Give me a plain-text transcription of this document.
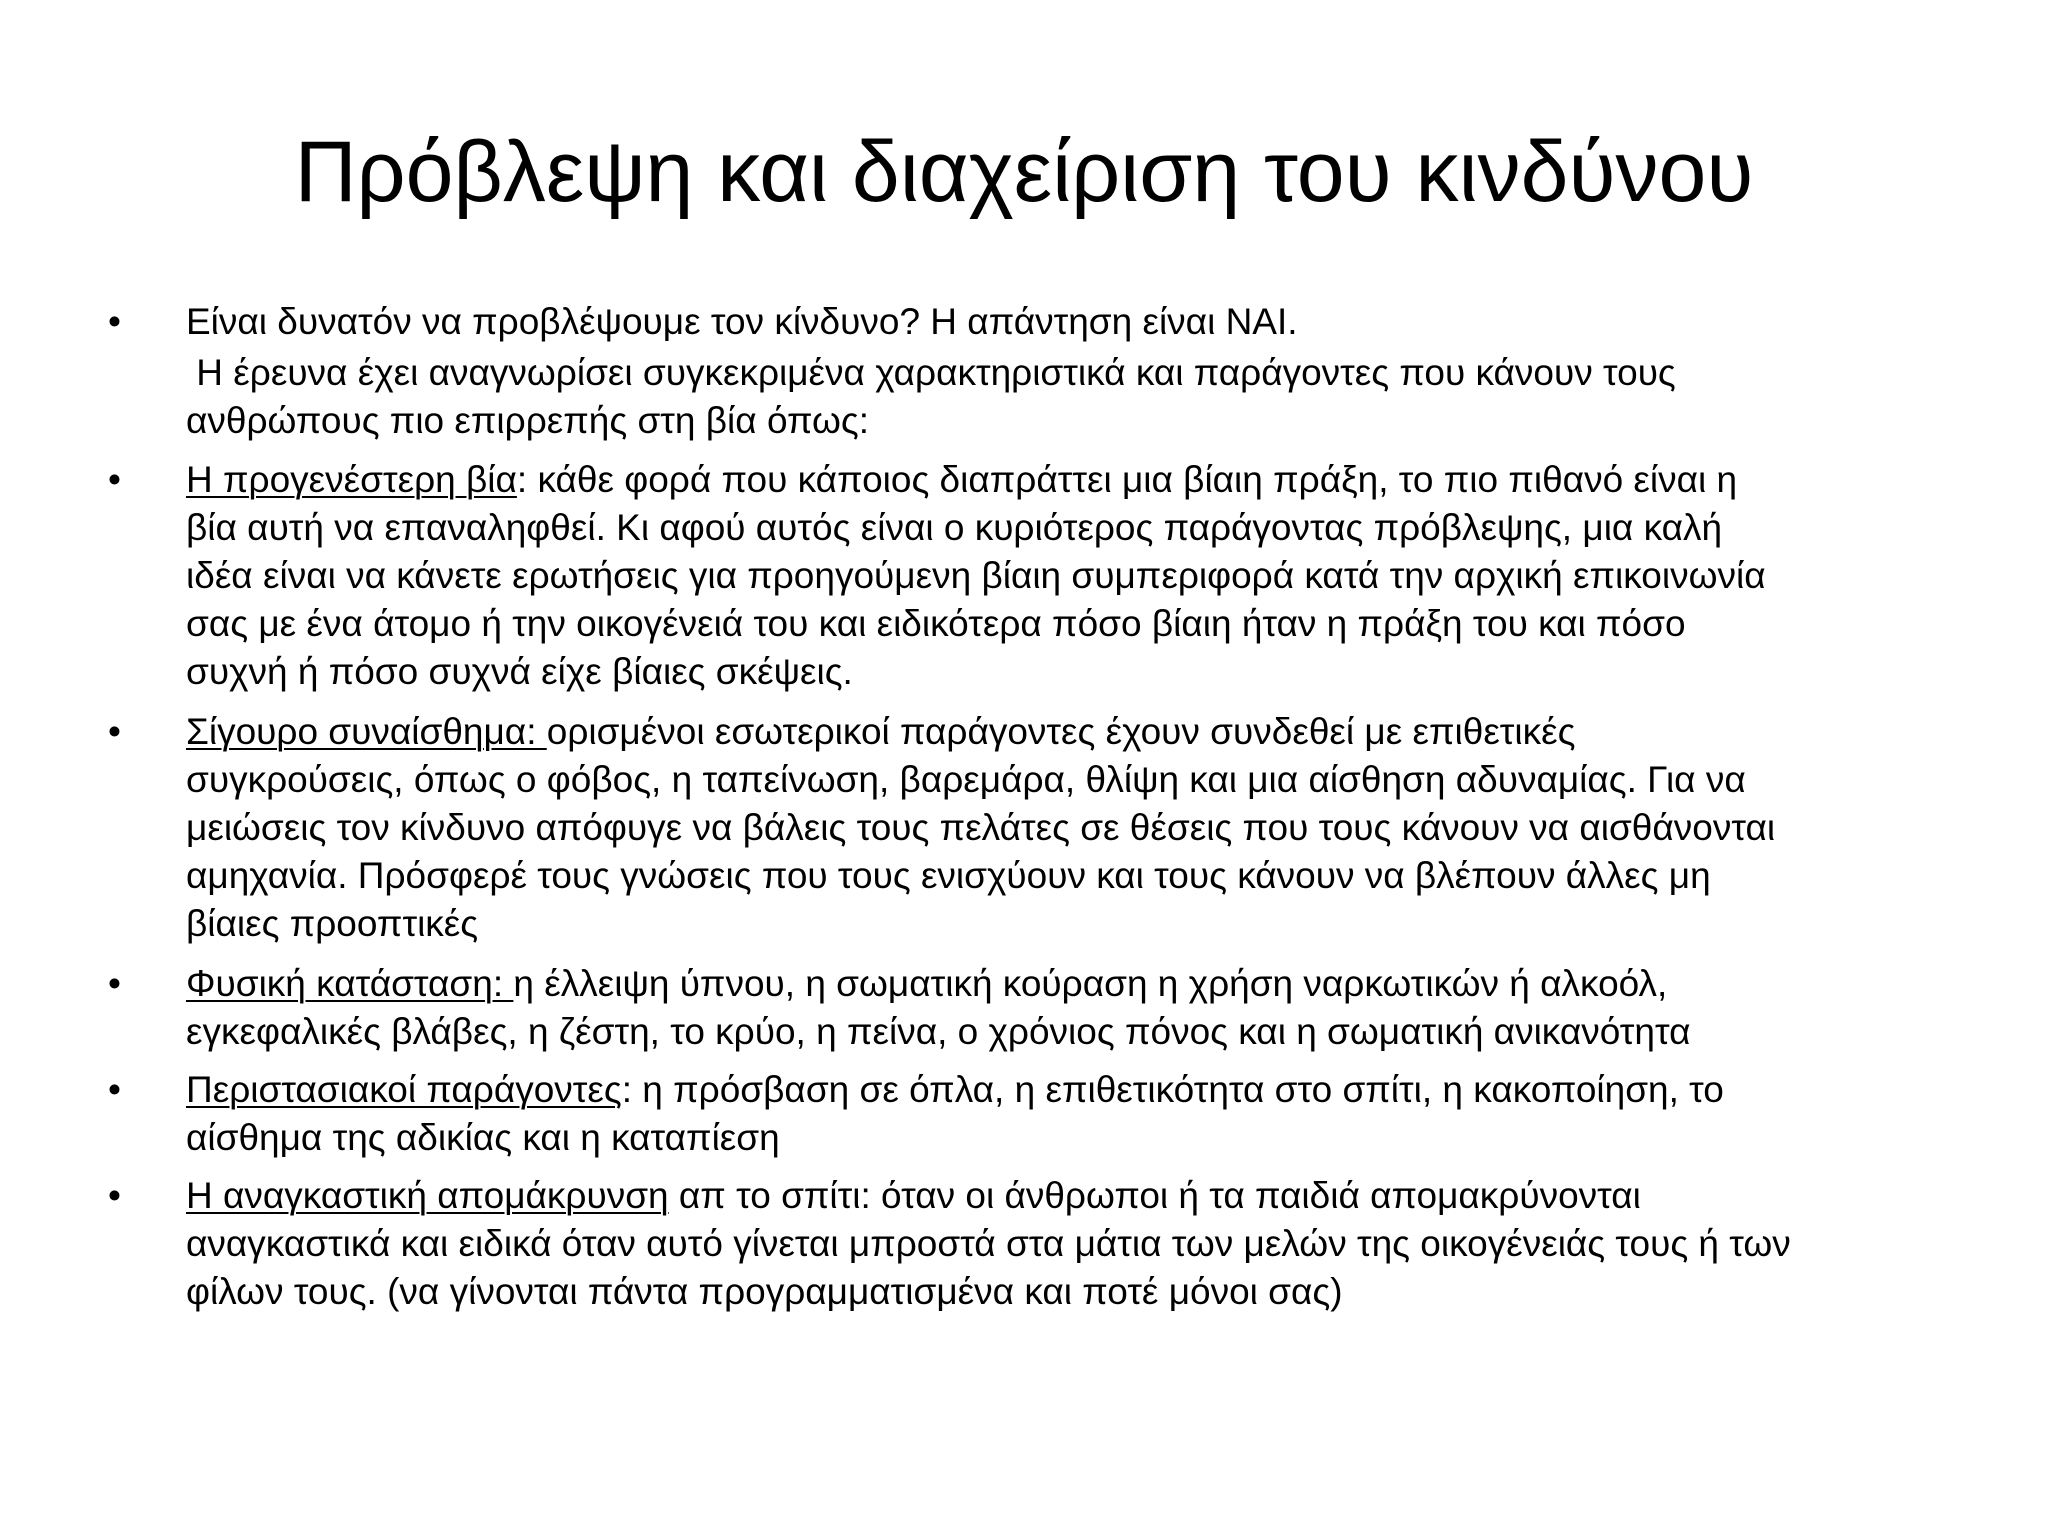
Πρόβλεψη και διαχείριση του κινδύνου
•	Είναι δυνατόν να προβλέψουμε τον κίνδυνο? Η απάντηση είναι ΝΑΙ.
Η έρευνα έχει αναγνωρίσει συγκεκριμένα χαρακτηριστικά και παράγοντες που κάνουν τους
ανθρώπους πιο επιρρεπής στη βία όπως:
•	Η προγενέστερη βία: κάθε φορά που κάποιος διαπράττει μια βίαιη πράξη, το πιο πιθανό είναι η
βία αυτή να επαναληφθεί. Κι αφού αυτός είναι ο κυριότερος παράγοντας πρόβλεψης, μια καλή
ιδέα είναι να κάνετε ερωτήσεις για προηγούμενη βίαιη συμπεριφορά κατά την αρχική επικοινωνία
σας με ένα άτομο ή την οικογένειά του και ειδικότερα πόσο βίαιη ήταν η πράξη του και πόσο
συχνή ή πόσο συχνά είχε βίαιες σκέψεις.
•	Σίγουρο συναίσθημα: ορισμένοι εσωτερικοί παράγοντες έχουν συνδεθεί με επιθετικές
συγκρούσεις, όπως ο φόβος, η ταπείνωση, βαρεμάρα, θλίψη και μια αίσθηση αδυναμίας. Για να
μειώσεις τον κίνδυνο απόφυγε να βάλεις τους πελάτες σε θέσεις που τους κάνουν να αισθάνονται
αμηχανία. Πρόσφερέ τους γνώσεις που τους ενισχύουν και τους κάνουν να βλέπουν άλλες μη
βίαιες προοπτικές
•	Φυσική κατάσταση: η έλλειψη ύπνου, η σωματική κούραση η χρήση ναρκωτικών ή αλκοόλ,
εγκεφαλικές βλάβες, η ζέστη, το κρύο, η πείνα, ο χρόνιος πόνος και η σωματική ανικανότητα
•	Περιστασιακοί παράγοντες: η πρόσβαση σε όπλα, η επιθετικότητα στο σπίτι, η κακοποίηση, το
αίσθημα της αδικίας και η καταπίεση
•	Η αναγκαστική απομάκρυνση απ το σπίτι: όταν οι άνθρωποι ή τα παιδιά απομακρύνονται
αναγκαστικά και ειδικά όταν αυτό γίνεται μπροστά στα μάτια των μελών της οικογένειάς τους ή των
φίλων τους. (να γίνονται πάντα προγραμματισμένα και ποτέ μόνοι σας)
